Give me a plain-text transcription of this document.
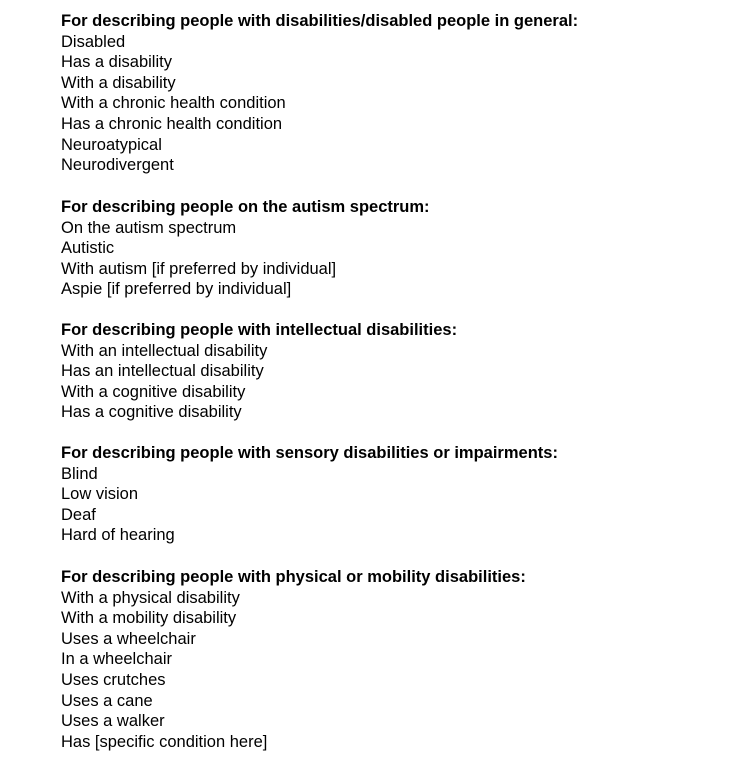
For describing people with disabilities/disabled people in general:
Disabled
Has a disability
With a disability
With a chronic health condition
Has a chronic health condition
Neuroatypical
Neurodivergent
For describing people on the autism spectrum:
On the autism spectrum
Autistic
With autism [if preferred by individual]
Aspie [if preferred by individual]
For describing people with intellectual disabilities:
With an intellectual disability
Has an intellectual disability
With a cognitive disability
Has a cognitive disability
For describing people with sensory disabilities or impairments:
Blind
Low vision
Deaf
Hard of hearing
For describing people with physical or mobility disabilities:
With a physical disability
With a mobility disability
Uses a wheelchair
In a wheelchair
Uses crutches
Uses a cane
Uses a walker
Has [specific condition here]
